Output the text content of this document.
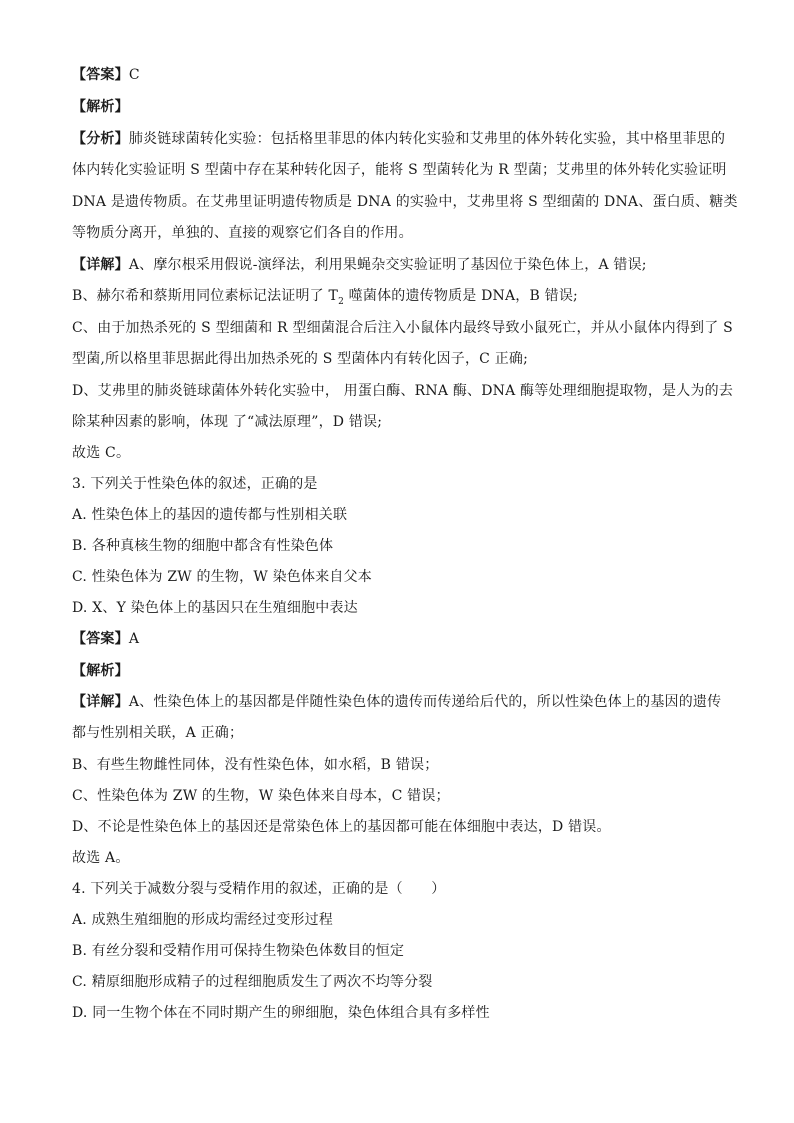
【答案】C
【解析】
【分析】肺炎链球菌转化实验：包括格里菲思的体内转化实验和艾弗里的体外转化实验，其中格里菲思的
体内转化实验证明 S 型菌中存在某种转化因子，能将 S 型菌转化为 R 型菌；艾弗里的体外转化实验证明
DNA 是遗传物质。在艾弗里证明遗传物质是 DNA 的实验中，艾弗里将 S 型细菌的 DNA、蛋白质、糖类
等物质分离开，单独的、直接的观察它们各自的作用。
【详解】A、摩尔根采用假说-演绎法，利用果蝇杂交实验证明了基因位于染色体上，A 错误;
B、赫尔希和蔡斯用同位素标记法证明了 $T_2$ 噬菌体的遗传物质是 DNA，B 错误;
C、由于加热杀死的 S 型细菌和 R 型细菌混合后注入小鼠体内最终导致小鼠死亡，并从小鼠体内得到了 S
型菌,所以格里菲思据此得出加热杀死的 S 型菌体内有转化因子，C 正确;
D、艾弗里的肺炎链球菌体外转化实验中， 用蛋白酶、RNA 酶、DNA 酶等处理细胞提取物，是人为的去
除某种因素的影响，体现 了“减法原理”，D 错误;
故选 C。
3. 下列关于性染色体的叙述，正确的是
A. 性染色体上的基因的遗传都与性别相关联
B. 各种真核生物的细胞中都含有性染色体
C. 性染色体为 ZW 的生物，W 染色体来自父本
D. X、Y 染色体上的基因只在生殖细胞中表达
【答案】A
【解析】
【详解】A、性染色体上的基因都是伴随性染色体的遗传而传递给后代的，所以性染色体上的基因的遗传
都与性别相关联，A 正确；
B、有些生物雌性同体，没有性染色体，如水稻，B 错误；
C、性染色体为 ZW 的生物，W 染色体来自母本，C 错误；
D、不论是性染色体上的基因还是常染色体上的基因都可能在体细胞中表达，D 错误。
故选 A。
4. 下列关于减数分裂与受精作用的叙述，正确的是（　　）
A. 成熟生殖细胞的形成均需经过变形过程
B. 有丝分裂和受精作用可保持生物染色体数目的恒定
C. 精原细胞形成精子的过程细胞质发生了两次不均等分裂
D. 同一生物个体在不同时期产生的卵细胞，染色体组合具有多样性
